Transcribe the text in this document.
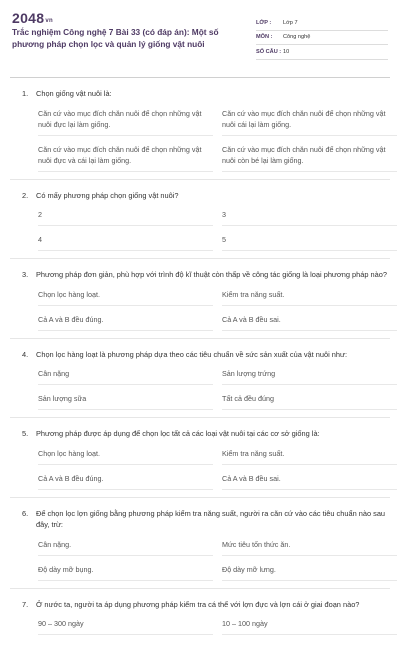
2048vn
Trắc nghiệm Công nghệ 7 Bài 33 (có đáp án): Một số phương pháp chọn lọc và quản lý giống vật nuôi
LỚP :	Lớp 7
MÔN :	Công nghệ
SỐ CÂU : 10
1.	Chọn giống vật nuôi là:
Căn cứ vào mục đích chăn nuôi để chọn những vật nuôi đực lại làm giống.
Căn cứ vào mục đích chăn nuôi để chọn những vật nuôi cái lại làm giống.
Căn cứ vào mục đích chăn nuôi để chọn những vật nuôi đực và cái lại làm giống.
Căn cứ vào mục đích chăn nuôi để chọn những vật nuôi còn bé lại làm giống.
2.	Có mấy phương pháp chọn giống vật nuôi?
2	3
4	5
3.	Phương pháp đơn giản, phù hợp với trình độ kĩ thuật còn thấp về công tác giống là loại phương pháp nào?
Chọn lọc hàng loạt.	Kiểm tra năng suất.
Cả A và B đều đúng.	Cả A và B đều sai.
4.	Chọn lọc hàng loạt là phương pháp dựa theo các tiêu chuẩn về sức sản xuất của vật nuôi như:
Cân nặng	Sản lượng trứng
Sản lượng sữa	Tất cả đều đúng
5.	Phương pháp được áp dụng để chọn lọc tất cả các loại vật nuôi tại các cơ sở giống là:
Chọn lọc hàng loạt.	Kiểm tra năng suất.
Cả A và B đều đúng.	Cả A và B đều sai.
6.	Để chọn lọc lợn giống bằng phương pháp kiểm tra năng suất, người ra căn cứ vào các tiêu chuẩn nào sau đây, trừ:
Cân nặng.	Mức tiêu tốn thức ăn.
Độ dày mỡ bụng.	Độ dày mỡ lưng.
7.	Ở nước ta, người ta áp dụng phương pháp kiểm tra cá thể với lợn đực và lợn cái ở giai đoạn nào?
90 – 300 ngày	10 – 100 ngày
